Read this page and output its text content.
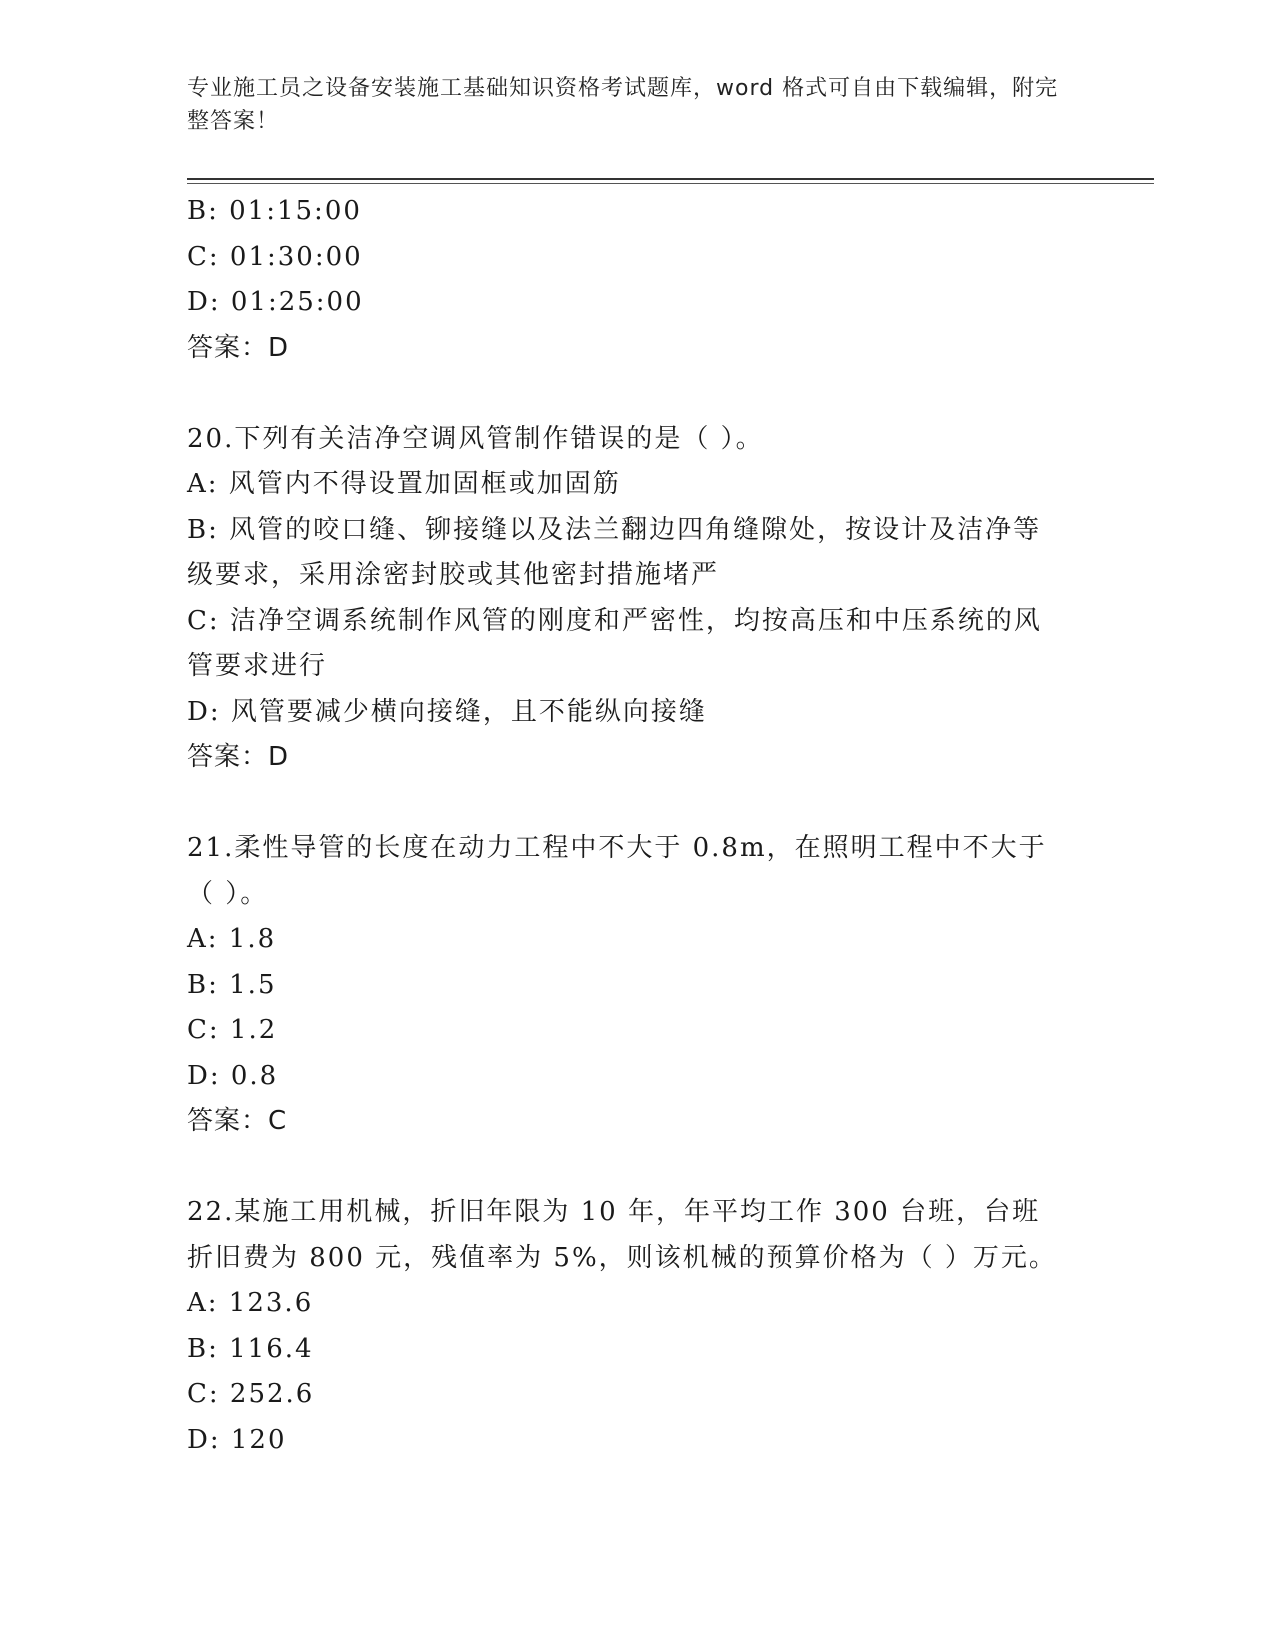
专业施工员之设备安装施工基础知识资格考试题库，word 格式可自由下载编辑，附完整答案！
B: 01:15:00
C: 01:30:00
D: 01:25:00
答案：D
20.下列有关洁净空调风管制作错误的是（ ）。
A: 风管内不得设置加固框或加固筋
B: 风管的咬口缝、铆接缝以及法兰翻边四角缝隙处，按设计及洁净等级要求，采用涂密封胶或其他密封措施堵严
C: 洁净空调系统制作风管的刚度和严密性，均按高压和中压系统的风管要求进行
D: 风管要减少横向接缝，且不能纵向接缝
答案：D
21.柔性导管的长度在动力工程中不大于 0.8m，在照明工程中不大于（ ）。
A: 1.8
B: 1.5
C: 1.2
D: 0.8
答案：C
22.某施工用机械，折旧年限为 10 年，年平均工作 300 台班，台班折旧费为 800 元，残值率为 5%，则该机械的预算价格为（ ）万元。
A: 123.6
B: 116.4
C: 252.6
D: 120
